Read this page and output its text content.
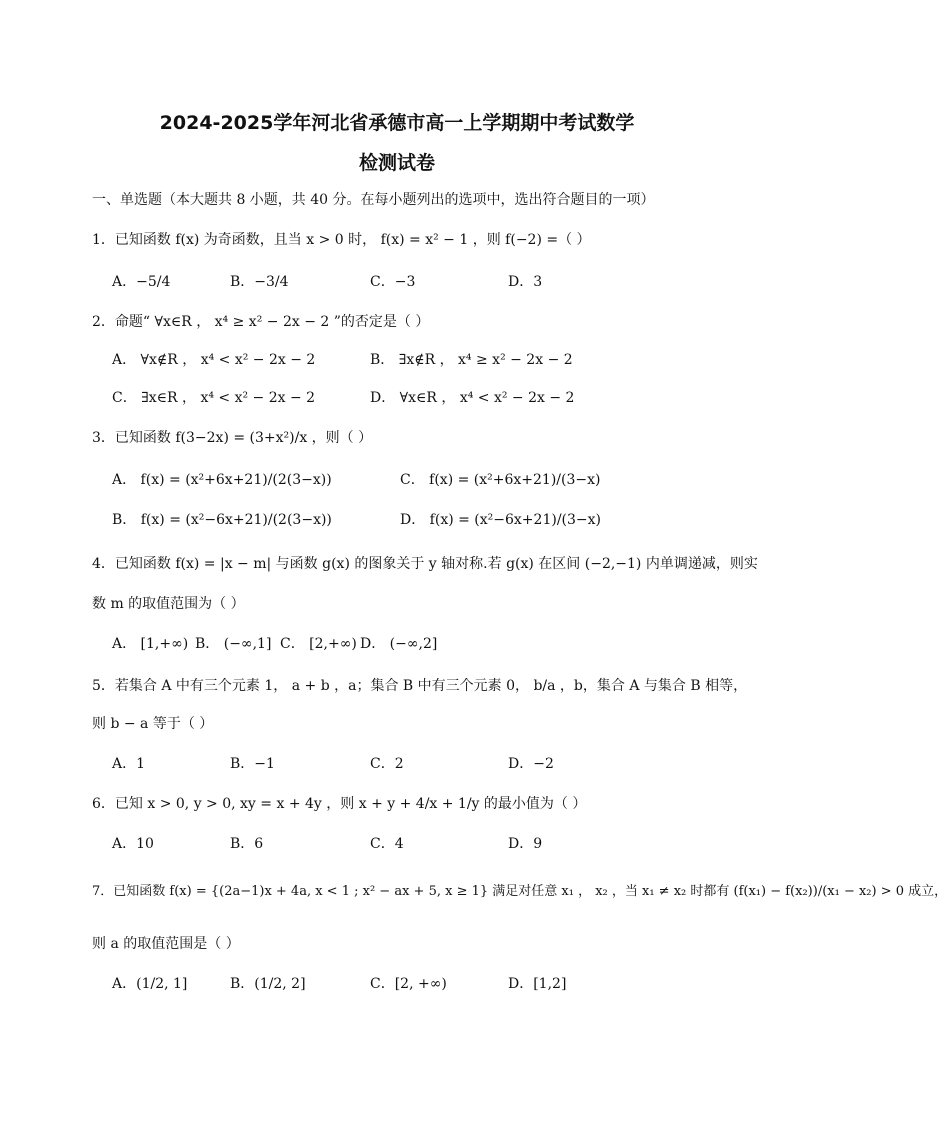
2024-2025学年河北省承德市高一上学期期中考试数学
检测试卷
一、单选题（本大题共 8 小题，共 40 分。在每小题列出的选项中，选出符合题目的一项）
1．已知函数 f(x) 为奇函数，且当 x > 0 时， f(x) = x² − 1 ，则 f(−2) =（ ）
A．−5/4	B．−3/4	C．−3	D．3
2．命题“ ∀x∈R ， x⁴ ≥ x² − 2x − 2 ”的否定是（ ）
A． ∀x∉R ， x⁴ < x² − 2x − 2	B． ∃x∉R ， x⁴ ≥ x² − 2x − 2
C． ∃x∈R ， x⁴ < x² − 2x − 2	D． ∀x∈R ， x⁴ < x² − 2x − 2
3．已知函数 f(3−2x) = (3+x²)/x ，则（ ）
A． f(x) = (x²+6x+21)/(2(3−x))
B． f(x) = (x²−6x+21)/(2(3−x))
C． f(x) = (x²+6x+21)/(3−x)
D． f(x) = (x²−6x+21)/(3−x)
4．已知函数 f(x) = |x − m| 与函数 g(x) 的图象关于 y 轴对称.若 g(x) 在区间 (−2,−1) 内单调递减，则实
数 m 的取值范围为（ ）
A． [1,+∞) B． (−∞,1] C． [2,+∞) D． (−∞,2]
5．若集合 A 中有三个元素 1， a + b ，a；集合 B 中有三个元素 0， b/a ，b，集合 A 与集合 B 相等，
则 b − a 等于（ ）
A．1	B．−1	C．2	D．−2
6．已知 x > 0, y > 0, xy = x + 4y ，则 x + y + 4/x + 1/y 的最小值为（ ）
A．10	B．6	C．4	D．9
7．已知函数 f(x) = {(2a−1)x + 4a, x < 1 ; x² − ax + 5, x ≥ 1} 满足对任意 x₁ ， x₂ ，当 x₁ ≠ x₂ 时都有 (f(x₁) − f(x₂))/(x₁ − x₂) > 0 成立，
则 a 的取值范围是（ ）
A．(1/2, 1]	B．(1/2, 2]	C．[2, +∞)	D．[1,2]
